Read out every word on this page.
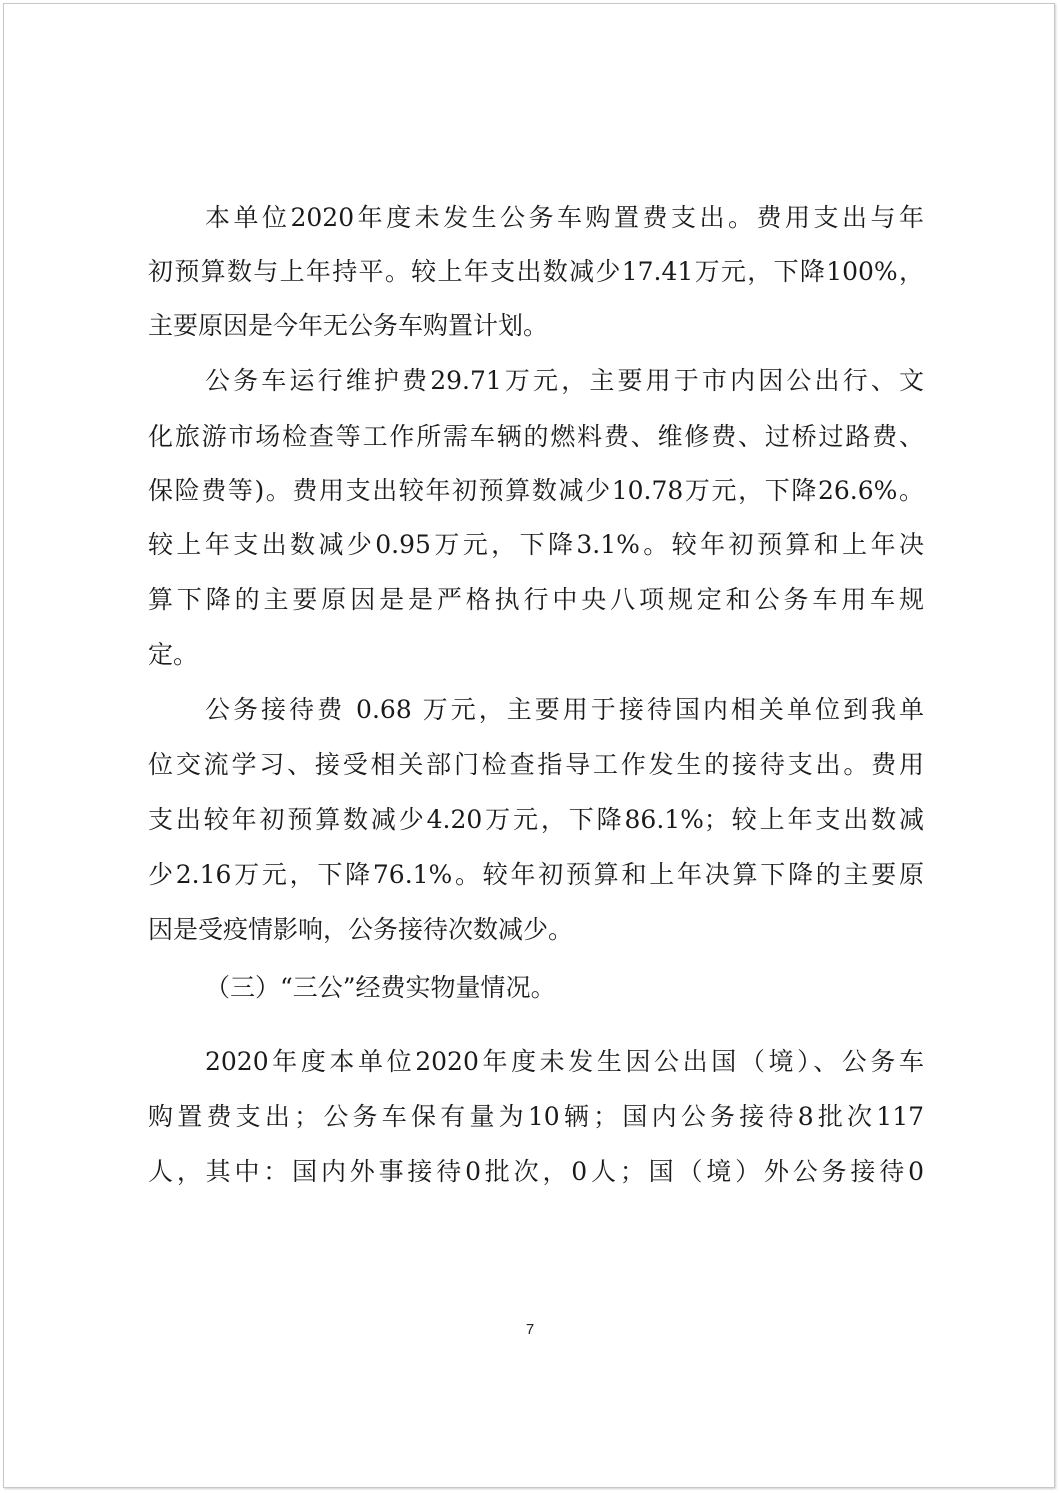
本单位2020年度未发生公务车购置费支出。费用支出与年
初预算数与上年持平。较上年支出数减少17.41万元，下降100%，
主要原因是今年无公务车购置计划。
公务车运行维护费29.71万元，主要用于市内因公出行、文
化旅游市场检查等工作所需车辆的燃料费、维修费、过桥过路费、
保险费等)。费用支出较年初预算数减少10.78万元，下降26.6%。
较上年支出数减少0.95万元，下降3.1%。较年初预算和上年决
算下降的主要原因是是严格执行中央八项规定和公务车用车规
定。
公务接待费 0.68 万元，主要用于接待国内相关单位到我单
位交流学习、接受相关部门检查指导工作发生的接待支出。费用
支出较年初预算数减少4.20万元，下降86.1%；较上年支出数减
少2.16万元，下降76.1%。较年初预算和上年决算下降的主要原
因是受疫情影响，公务接待次数减少。
（三）“三公”经费实物量情况。
2020年度本单位2020年度未发生因公出国（境）、公务车
购置费支出；公务车保有量为10辆；国内公务接待8批次117
人，其中：国内外事接待0批次，0人；国（境）外公务接待0
7
